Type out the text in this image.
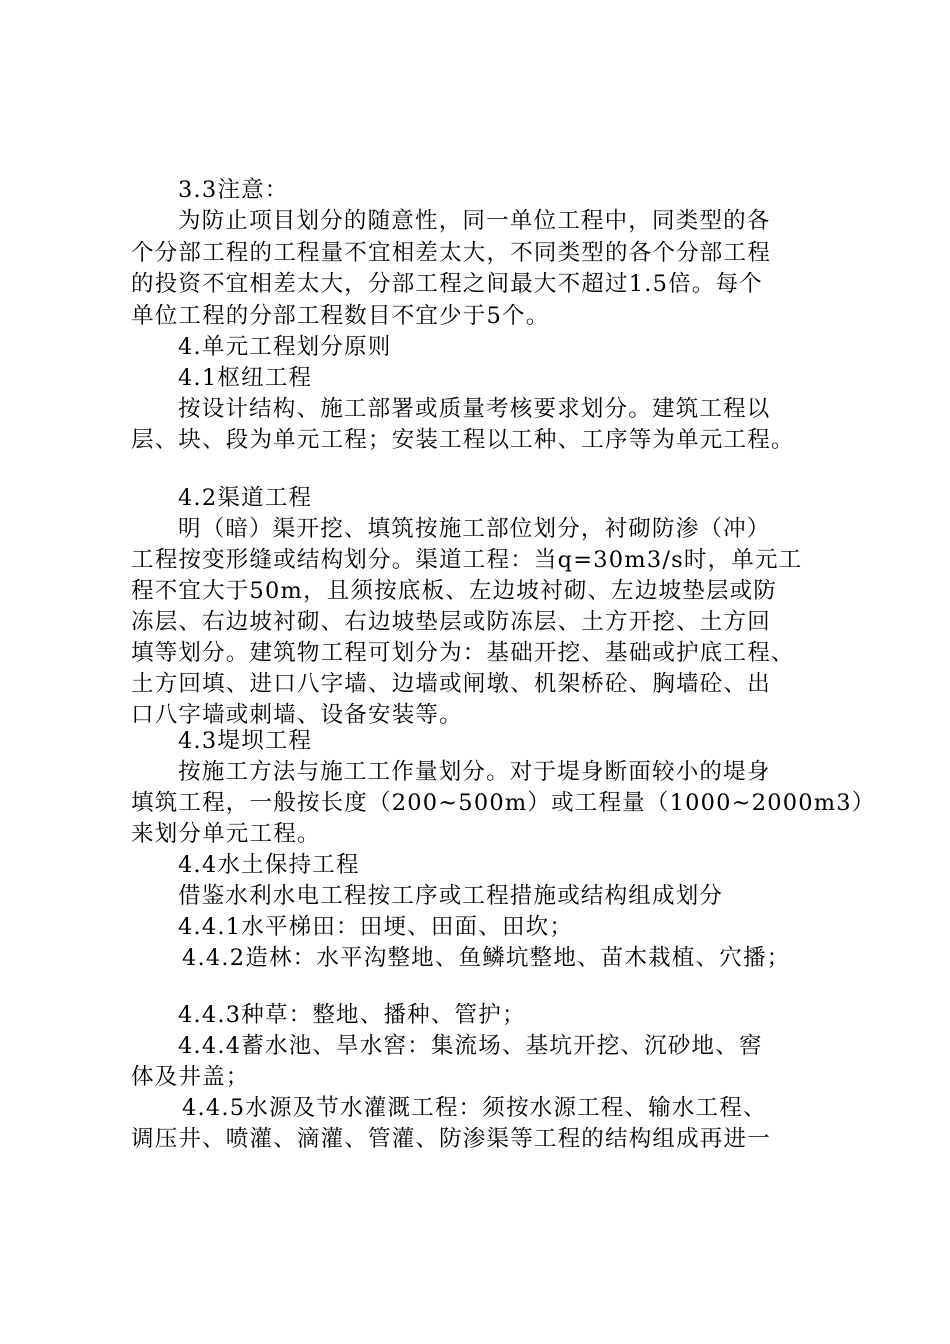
3.3注意：
为防止项目划分的随意性，同一单位工程中，同类型的各
个分部工程的工程量不宜相差太大，不同类型的各个分部工程
的投资不宜相差太大，分部工程之间最大不超过1.5倍。每个
单位工程的分部工程数目不宜少于5个。
4.单元工程划分原则
4.1枢纽工程
按设计结构、施工部署或质量考核要求划分。建筑工程以
层、块、段为单元工程；安装工程以工种、工序等为单元工程。
4.2渠道工程
明（暗）渠开挖、填筑按施工部位划分，衬砌防渗（冲）
工程按变形缝或结构划分。渠道工程：当q=30m3/s时，单元工
程不宜大于50m，且须按底板、左边坡衬砌、左边坡垫层或防
冻层、右边坡衬砌、右边坡垫层或防冻层、土方开挖、土方回
填等划分。建筑物工程可划分为：基础开挖、基础或护底工程、
土方回填、进口八字墙、边墙或闸墩、机架桥砼、胸墙砼、出
口八字墙或刺墙、设备安装等。
4.3堤坝工程
按施工方法与施工工作量划分。对于堤身断面较小的堤身
填筑工程，一般按长度（200~500m）或工程量（1000~2000m3）
来划分单元工程。
4.4水土保持工程
借鉴水利水电工程按工序或工程措施或结构组成划分
4.4.1水平梯田：田埂、田面、田坎；
4.4.2造林：水平沟整地、鱼鳞坑整地、苗木栽植、穴播；
4.4.3种草：整地、播种、管护；
4.4.4蓄水池、旱水窖：集流场、基坑开挖、沉砂地、窖
体及井盖；
4.4.5水源及节水灌溉工程：须按水源工程、输水工程、
调压井、喷灌、滴灌、管灌、防渗渠等工程的结构组成再进一
